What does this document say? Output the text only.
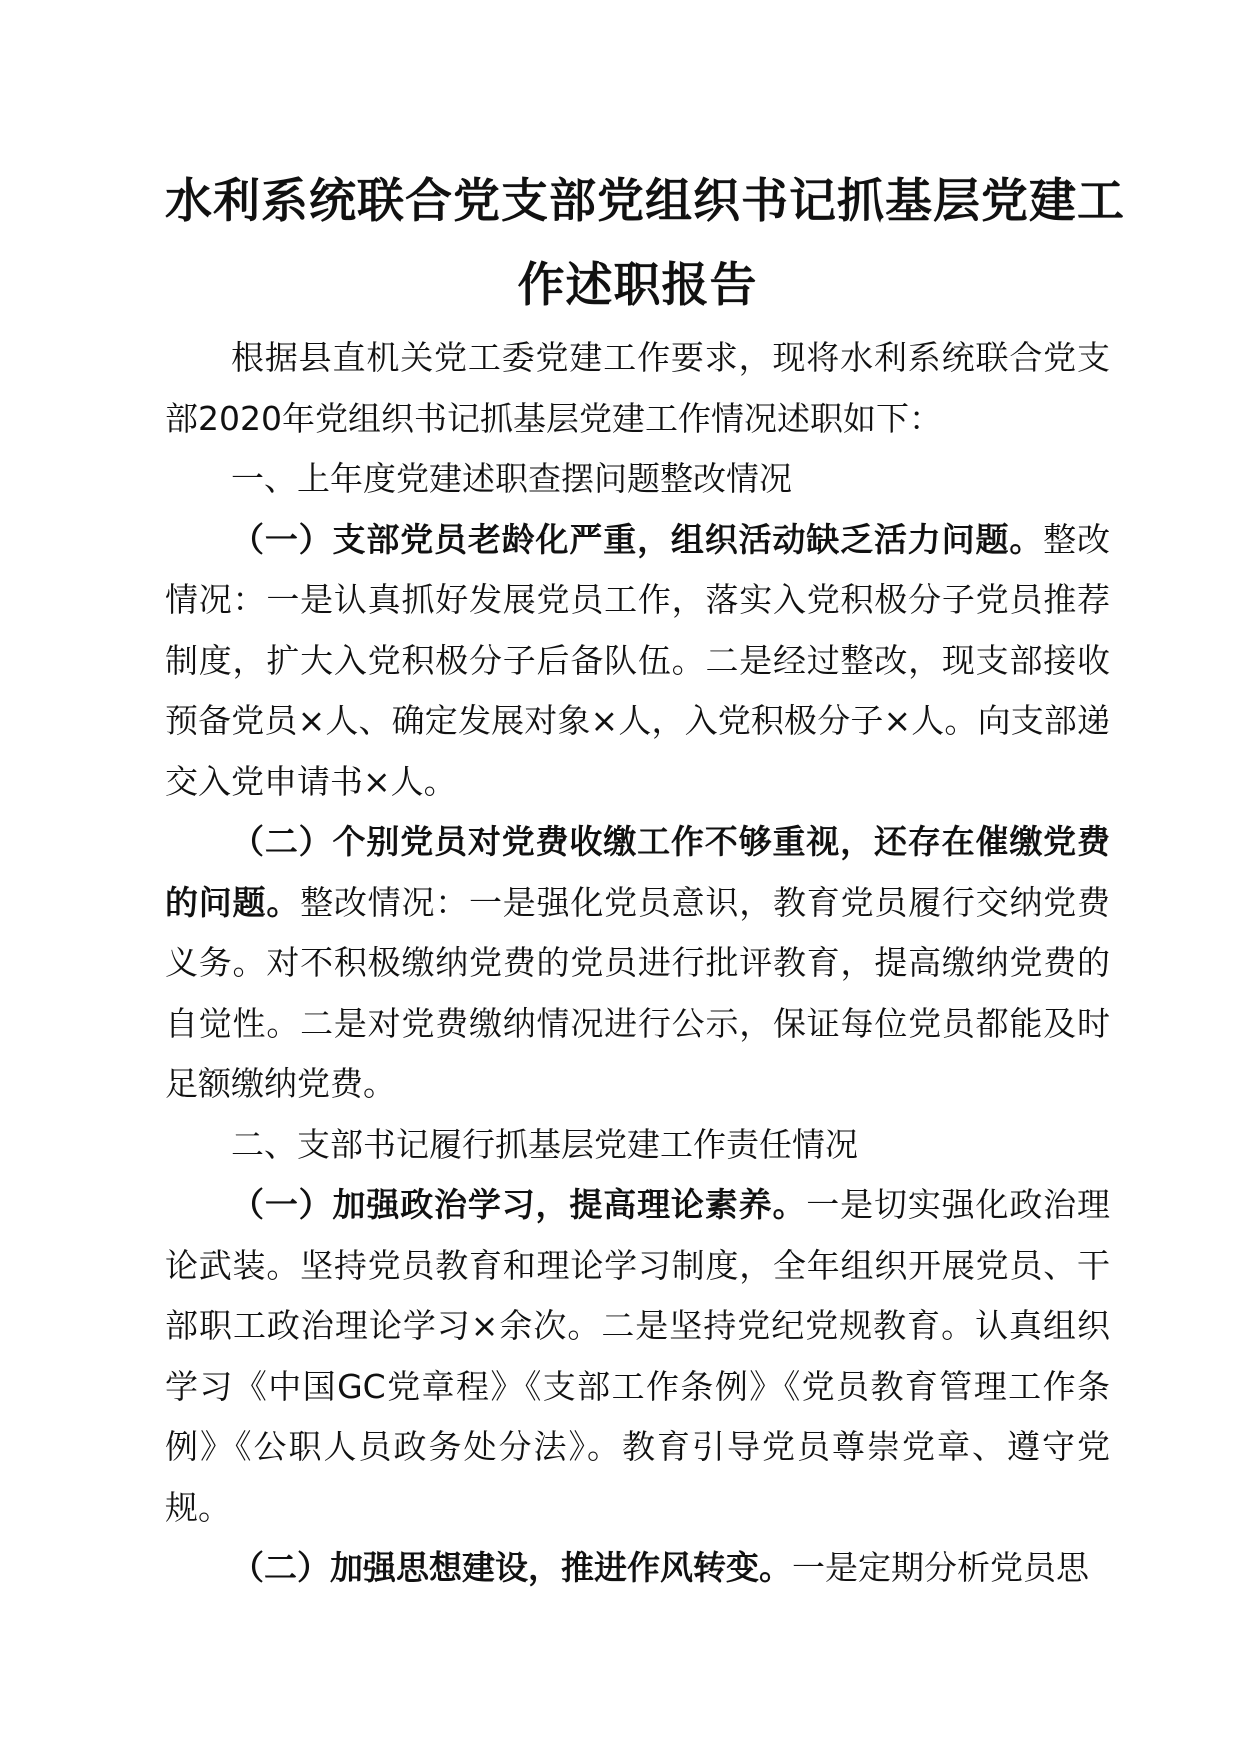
水利系统联合党支部党组织书记抓基层党建工
作述职报告

根据县直机关党工委党建工作要求，现将水利系统联合党支部2020年党组织书记抓基层党建工作情况述职如下：

一、上年度党建述职查摆问题整改情况

（一）支部党员老龄化严重，组织活动缺乏活力问题。整改情况：一是认真抓好发展党员工作，落实入党积极分子党员推荐制度，扩大入党积极分子后备队伍。二是经过整改，现支部接收预备党员×人、确定发展对象×人，入党积极分子×人。向支部递交入党申请书×人。

（二）个别党员对党费收缴工作不够重视，还存在催缴党费的问题。整改情况：一是强化党员意识，教育党员履行交纳党费义务。对不积极缴纳党费的党员进行批评教育，提高缴纳党费的自觉性。二是对党费缴纳情况进行公示，保证每位党员都能及时足额缴纳党费。

二、支部书记履行抓基层党建工作责任情况

（一）加强政治学习，提高理论素养。一是切实强化政治理论武装。坚持党员教育和理论学习制度，全年组织开展党员、干部职工政治理论学习×余次。二是坚持党纪党规教育。认真组织学习《中国GC党章程》《支部工作条例》《党员教育管理工作条例》《公职人员政务处分法》。教育引导党员尊崇党章、遵守党规。

（二）加强思想建设，推进作风转变。一是定期分析党员思
